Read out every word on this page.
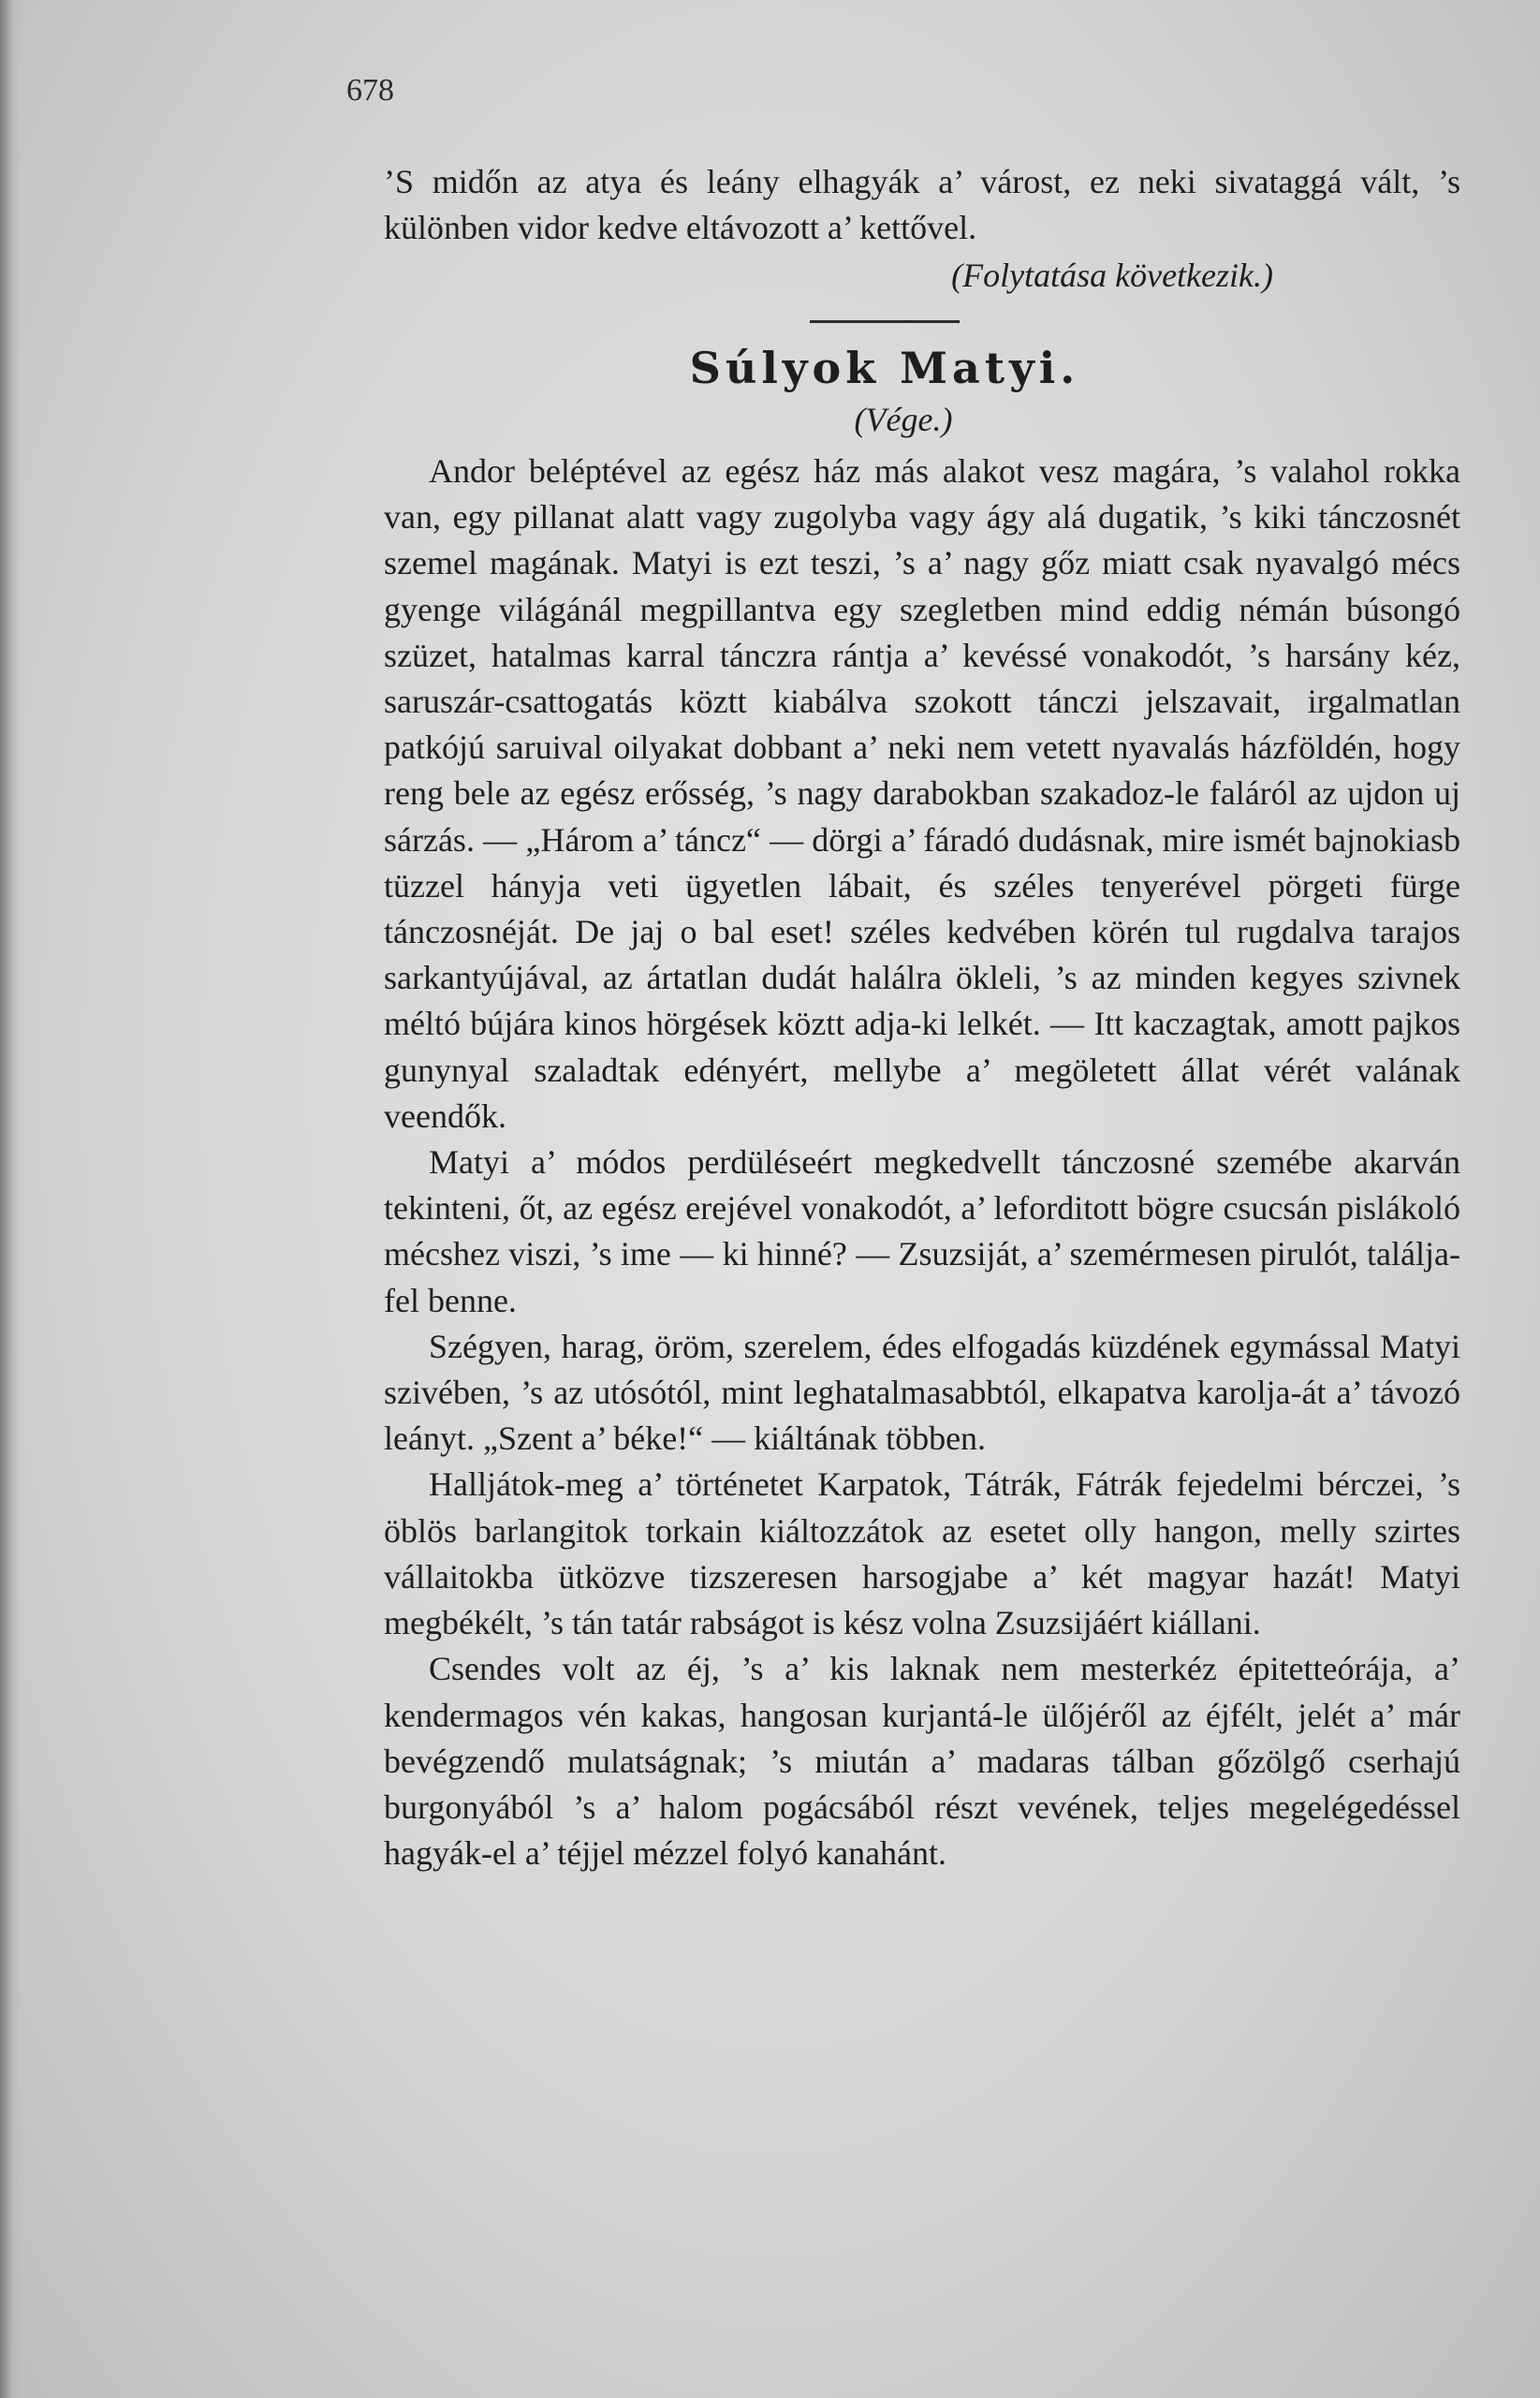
678

’S midőn az atya és leány elhagyák a’ várost, ez neki sivataggá vált, ’s különben vidor kedve eltávozott a’ kettővel.

(Folytatása következik.)
Súlyok Matyi.
(Vége.)

Andor beléptével az egész ház más alakot vesz magára, ’s valahol rokka van, egy pillanat alatt vagy zugolyba vagy ágy alá dugatik, ’s kiki tánczosnét szemel magának. Matyi is ezt teszi, ’s a’ nagy gőz miatt csak nyavalgó mécs gyenge világánál megpillantva egy szegletben mind eddig némán búsongó szüzet, hatalmas karral tánczra rántja a’ kevéssé vonakodót, ’s harsány kéz, saruszár-csattogatás köztt kiabálva szokott tánczi jelszavait, irgalmatlan patkójú saruival oilyakat dobbant a’ neki nem vetett nyavalás házföldén, hogy reng bele az egész erősség, ’s nagy darabokban szakadoz-le faláról az ujdon uj sárzás. — „Három a’ táncz“ — dörgi a’ fáradó dudásnak, mire ismét bajnokiasb tüzzel hányja veti ügyetlen lábait, és széles tenyerével pörgeti fürge tánczosnéját. De jaj o bal eset! széles kedvében körén tul rugdalva tarajos sarkantyújával, az ártatlan dudát halálra ökleli, ’s az minden kegyes szivnek méltó bújára kinos hörgések köztt adja-ki lelkét. — Itt kaczagtak, amott pajkos gunynyal szaladtak edényért, mellybe a’ megöletett állat vérét valának veendők.

Matyi a’ módos perdüléseért megkedvellt tánczosné szemébe akarván tekinteni, őt, az egész erejével vonakodót, a’ leforditott bögre csucsán pislákoló mécshez viszi, ’s ime — ki hinné? — Zsuzsiját, a’ szemérmesen pirulót, találja-fel benne.

Szégyen, harag, öröm, szerelem, édes elfogadás küzdének egymással Matyi szivében, ’s az utósótól, mint leghatalmasabbtól, elkapatva karolja-át a’ távozó leányt. „Szent a’ béke!“ — kiáltának többen.

Halljátok-meg a’ történetet Karpatok, Tátrák, Fátrák fejedelmi bérczei, ’s öblös barlangitok torkain kiáltozzátok az esetet olly hangon, melly szirtes vállaitokba ütközve tizszeresen harsogjabe a’ két magyar hazát! Matyi megbékélt, ’s tán tatár rabságot is kész volna Zsuzsijáért kiállani.

Csendes volt az éj, ’s a’ kis laknak nem mesterkéz épitetteórája, a’ kendermagos vén kakas, hangosan kurjantá-le ülőjéről az éjfélt, jelét a’ már bevégzendő mulatságnak; ’s miután a’ madaras tálban gőzölgő cserhajú burgonyából ’s a’ halom pogácsából részt vevének, teljes megelégedéssel hagyák-el a’ téjjel mézzel folyó kanahánt.
